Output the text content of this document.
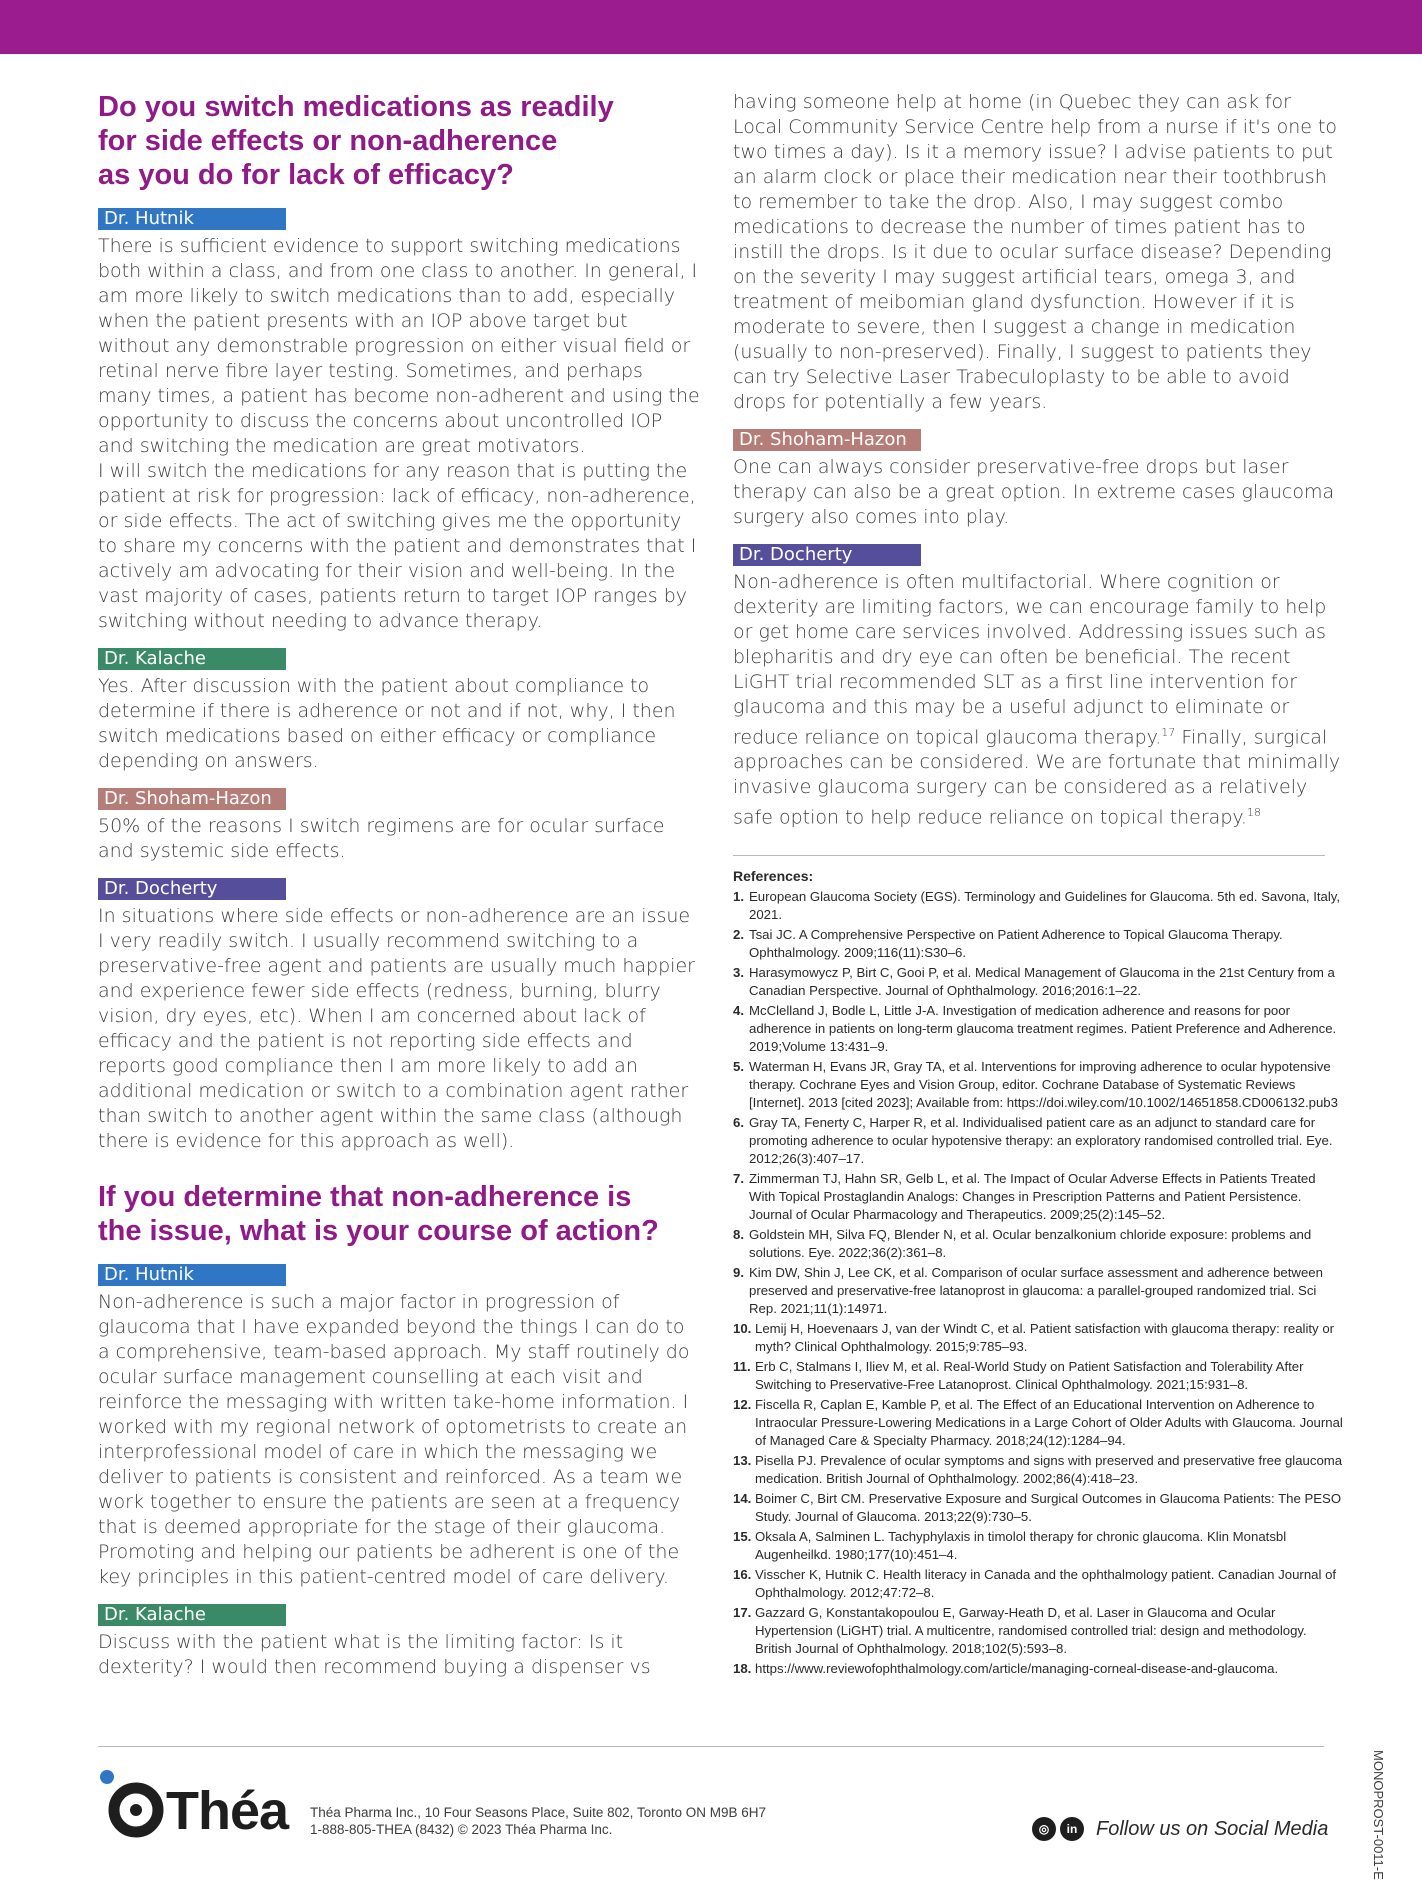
Do you switch medications as readily
for side effects or non-adherence
as you do for lack of efficacy?
Dr. Hutnik

There is sufficient evidence to support switching medications both within a class, and from one class to another. In general, I am more likely to switch medications than to add, especially when the patient presents with an IOP above target but without any demonstrable progression on either visual field or retinal nerve fibre layer testing. Sometimes, and perhaps many times, a patient has become non-adherent and using the opportunity to discuss the concerns about uncontrolled IOP and switching the medication are great motivators.

I will switch the medications for any reason that is putting the patient at risk for progression: lack of efficacy, non-adherence, or side effects. The act of switching gives me the opportunity to share my concerns with the patient and demonstrates that I actively am advocating for their vision and well-being. In the vast majority of cases, patients return to target IOP ranges by switching without needing to advance therapy.

Dr. Kalache

Yes. After discussion with the patient about compliance to determine if there is adherence or not and if not, why, I then switch medications based on either efficacy or compliance depending on answers.

Dr. Shoham-Hazon

50% of the reasons I switch regimens are for ocular surface and systemic side effects.

Dr. Docherty

In situations where side effects or non-adherence are an issue I very readily switch. I usually recommend switching to a preservative-free agent and patients are usually much happier and experience fewer side effects (redness, burning, blurry vision, dry eyes, etc). When I am concerned about lack of efficacy and the patient is not reporting side effects and reports good compliance then I am more likely to add an additional medication or switch to a combination agent rather than switch to another agent within the same class (although there is evidence for this approach as well).

If you determine that non-adherence is
the issue, what is your course of action?
Dr. Hutnik

Non-adherence is such a major factor in progression of glaucoma that I have expanded beyond the things I can do to a comprehensive, team-based approach. My staff routinely do ocular surface management counselling at each visit and reinforce the messaging with written take-home information. I worked with my regional network of optometrists to create an interprofessional model of care in which the messaging we deliver to patients is consistent and reinforced. As a team we work together to ensure the patients are seen at a frequency that is deemed appropriate for the stage of their glaucoma. Promoting and helping our patients be adherent is one of the key principles in this patient-centred model of care delivery.

Dr. Kalache

Discuss with the patient what is the limiting factor: Is it dexterity? I would then recommend buying a dispenser vs

having someone help at home (in Quebec they can ask for Local Community Service Centre help from a nurse if it's one to two times a day). Is it a memory issue? I advise patients to put an alarm clock or place their medication near their toothbrush to remember to take the drop. Also, I may suggest combo medications to decrease the number of times patient has to instill the drops. Is it due to ocular surface disease? Depending on the severity I may suggest artificial tears, omega 3, and treatment of meibomian gland dysfunction. However if it is moderate to severe, then I suggest a change in medication (usually to non-preserved). Finally, I suggest to patients they can try Selective Laser Trabeculoplasty to be able to avoid drops for potentially a few years.

Dr. Shoham-Hazon

One can always consider preservative-free drops but laser therapy can also be a great option. In extreme cases glaucoma surgery also comes into play.

Dr. Docherty

Non-adherence is often multifactorial. Where cognition or dexterity are limiting factors, we can encourage family to help or get home care services involved. Addressing issues such as blepharitis and dry eye can often be beneficial. The recent LiGHT trial recommended SLT as a first line intervention for glaucoma and this may be a useful adjunct to eliminate or reduce reliance on topical glaucoma therapy.$^{17}$ Finally, surgical approaches can be considered. We are fortunate that minimally invasive glaucoma surgery can be considered as a relatively safe option to help reduce reliance on topical therapy.$^{18}$

References:
1. European Glaucoma Society (EGS). Terminology and Guidelines for Glaucoma. 5th ed. Savona, Italy, 2021.
2. Tsai JC. A Comprehensive Perspective on Patient Adherence to Topical Glaucoma Therapy. Ophthalmology. 2009;116(11):S30–6.
3. Harasymowycz P, Birt C, Gooi P, et al. Medical Management of Glaucoma in the 21st Century from a Canadian Perspective. Journal of Ophthalmology. 2016;2016:1–22.
4. McClelland J, Bodle L, Little J-A. Investigation of medication adherence and reasons for poor adherence in patients on long-term glaucoma treatment regimes. Patient Preference and Adherence. 2019;Volume 13:431–9.
5. Waterman H, Evans JR, Gray TA, et al. Interventions for improving adherence to ocular hypotensive therapy. Cochrane Eyes and Vision Group, editor. Cochrane Database of Systematic Reviews [Internet]. 2013 [cited 2023]; Available from: https://doi.wiley.com/10.1002/14651858.CD006132.pub3
6. Gray TA, Fenerty C, Harper R, et al. Individualised patient care as an adjunct to standard care for promoting adherence to ocular hypotensive therapy: an exploratory randomised controlled trial. Eye. 2012;26(3):407–17.
7. Zimmerman TJ, Hahn SR, Gelb L, et al. The Impact of Ocular Adverse Effects in Patients Treated With Topical Prostaglandin Analogs: Changes in Prescription Patterns and Patient Persistence. Journal of Ocular Pharmacology and Therapeutics. 2009;25(2):145–52.
8. Goldstein MH, Silva FQ, Blender N, et al. Ocular benzalkonium chloride exposure: problems and solutions. Eye. 2022;36(2):361–8.
9. Kim DW, Shin J, Lee CK, et al. Comparison of ocular surface assessment and adherence between preserved and preservative-free latanoprost in glaucoma: a parallel-grouped randomized trial. Sci Rep. 2021;11(1):14971.
10. Lemij H, Hoevenaars J, van der Windt C, et al. Patient satisfaction with glaucoma therapy: reality or myth? Clinical Ophthalmology. 2015;9:785–93.
11. Erb C, Stalmans I, Iliev M, et al. Real-World Study on Patient Satisfaction and Tolerability After Switching to Preservative-Free Latanoprost. Clinical Ophthalmology. 2021;15:931–8.
12. Fiscella R, Caplan E, Kamble P, et al. The Effect of an Educational Intervention on Adherence to Intraocular Pressure-Lowering Medications in a Large Cohort of Older Adults with Glaucoma. Journal of Managed Care & Specialty Pharmacy. 2018;24(12):1284–94.
13. Pisella PJ. Prevalence of ocular symptoms and signs with preserved and preservative free glaucoma medication. British Journal of Ophthalmology. 2002;86(4):418–23.
14. Boimer C, Birt CM. Preservative Exposure and Surgical Outcomes in Glaucoma Patients: The PESO Study. Journal of Glaucoma. 2013;22(9):730–5.
15. Oksala A, Salminen L. Tachyphylaxis in timolol therapy for chronic glaucoma. Klin Monatsbl Augenheilkd. 1980;177(10):451–4.
16. Visscher K, Hutnik C. Health literacy in Canada and the ophthalmology patient. Canadian Journal of Ophthalmology. 2012;47:72–8.
17. Gazzard G, Konstantakopoulou E, Garway-Heath D, et al. Laser in Glaucoma and Ocular Hypertension (LiGHT) trial. A multicentre, randomised controlled trial: design and methodology. British Journal of Ophthalmology. 2018;102(5):593–8.
18. https://www.reviewofophthalmology.com/article/managing-corneal-disease-and-glaucoma.
Théa Théa Pharma Inc., 10 Four Seasons Place, Suite 802, Toronto ON M9B 6H7
1-888-805-THEA (8432) © 2023 Théa Pharma Inc.	◎	in Follow us on Social Media	MONOPROST-0011-E
